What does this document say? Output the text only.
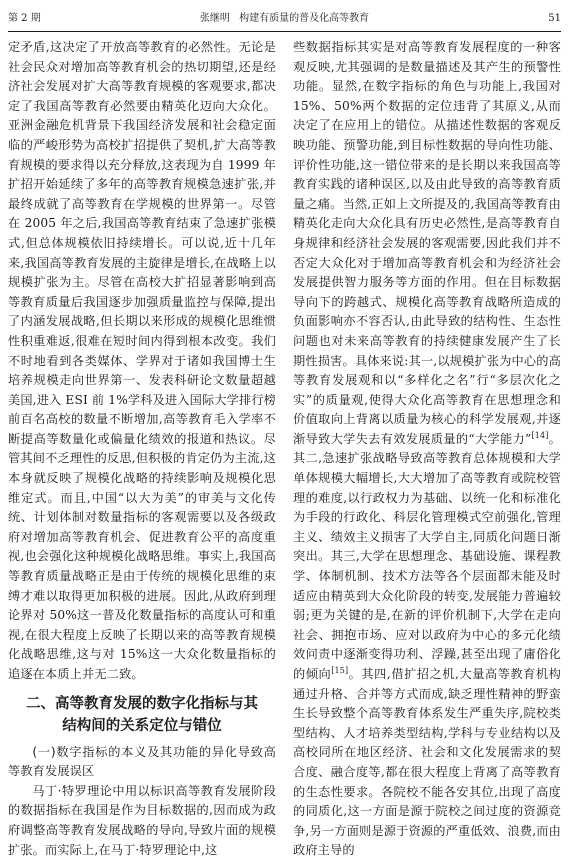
第 2 期	张继明 构建有质量的普及化高等教育	51

定矛盾,这决定了开放高等教育的必然性。无论是社会民众对增加高等教育机会的热切期望,还是经济社会发展对扩大高等教育规模的客观要求,都决定了我国高等教育必然要由精英化迈向大众化。亚洲金融危机背景下我国经济发展和社会稳定面临的严峻形势为高校扩招提供了契机,扩大高等教育规模的要求得以充分释放,这表现为自 1999 年扩招开始延续了多年的高等教育规模急速扩张,并最终成就了高等教育在学规模的世界第一。尽管在 2005 年之后,我国高等教育结束了急速扩张模式,但总体规模依旧持续增长。可以说,近十几年来,我国高等教育发展的主旋律是增长,在战略上以规模扩张为主。尽管在高校大扩招显著影响到高等教育质量后我国逐步加强质量监控与保障,提出了内涵发展战略,但长期以来形成的规模化思维惯性积重难返,很难在短时间内得到根本改变。我们不时地看到各类媒体、学界对于诸如我国博士生培养规模走向世界第一、发表科研论文数量超越美国,进入 ESI 前 1%学科及进入国际大学排行榜前百名高校的数量不断增加,高等教育毛入学率不断提高等数量化或偏量化绩效的报道和热议。尽管其间不乏理性的反思,但积极的肯定仍为主流,这本身就反映了规模化战略的持续影响及规模化思维定式。而且,中国“以大为美”的审美与文化传统、计划体制对数量指标的客观需要以及各级政府对增加高等教育机会、促进教育公平的高度重视,也会强化这种规模化战略思维。事实上,我国高等教育质量战略正是由于传统的规模化思维的束缚才难以取得更加积极的进展。因此,从政府到理论界对 50%这一普及化数量指标的高度认可和重视,在很大程度上反映了长期以来的高等教育规模化战略思维,这与对 15%这一大众化数量指标的追逐在本质上并无二致。

二、高等教育发展的数字化指标与其
结构间的关系定位与错位

(一)数字指标的本义及其功能的异化导致高等教育发展误区

马丁·特罗理论中用以标识高等教育发展阶段的数据指标在我国是作为目标数据的,因而成为政府调整高等教育发展战略的导向,导致片面的规模扩张。而实际上,在马丁·特罗理论中,这

些数据指标其实是对高等教育发展程度的一种客观反映,尤其强调的是数量描述及其产生的预警性功能。显然,在数字指标的角色与功能上,我国对 15%、50%两个数据的定位违背了其原义,从而决定了在应用上的错位。从描述性数据的客观反映功能、预警功能,到目标性数据的导向性功能、评价性功能,这一错位带来的是长期以来我国高等教育实践的诸种误区,以及由此导致的高等教育质量之痛。当然,正如上文所提及的,我国高等教育由精英化走向大众化具有历史必然性,是高等教育自身规律和经济社会发展的客观需要,因此我们并不否定大众化对于增加高等教育机会和为经济社会发展提供智力服务等方面的作用。但在目标数据导向下的跨越式、规模化高等教育战略所造成的负面影响亦不容否认,由此导致的结构性、生态性问题也对未来高等教育的持续健康发展产生了长期性损害。具体来说:其一,以规模扩张为中心的高等教育发展观和以“多样化之名”行“多层次化之实”的质量观,使得大众化高等教育在思想理念和价值取向上背离以质量为核心的科学发展观,并逐渐导致大学失去有效发展质量的“大学能力”[14]。其二,急速扩张战略导致高等教育总体规模和大学单体规模大幅增长,大大增加了高等教育或院校管理的难度,以行政权力为基础、以统一化和标准化为手段的行政化、科层化管理模式空前强化,管理主义、绩效主义损害了大学自主,同质化问题日渐突出。其三,大学在思想理念、基础设施、课程教学、体制机制、技术方法等各个层面都未能及时适应由精英到大众化阶段的转变,发展能力普遍较弱;更为关键的是,在新的评价机制下,大学在走向社会、拥抱市场、应对以政府为中心的多元化绩效问责中逐渐变得功利、浮躁,甚至出现了庸俗化的倾向[15]。其四,借扩招之机,大量高等教育机构通过升格、合并等方式而成,缺乏理性精神的野蛮生长导致整个高等教育体系发生严重失序,院校类型结构、人才培养类型结构,学科与专业结构以及高校同所在地区经济、社会和文化发展需求的契合度、融合度等,都在很大程度上背离了高等教育的生态性要求。各院校不能各安其位,出现了高度的同质化,这一方面是源于院校之间过度的资源竞争,另一方面则是源于资源的严重低效、浪费,而由政府主导的
